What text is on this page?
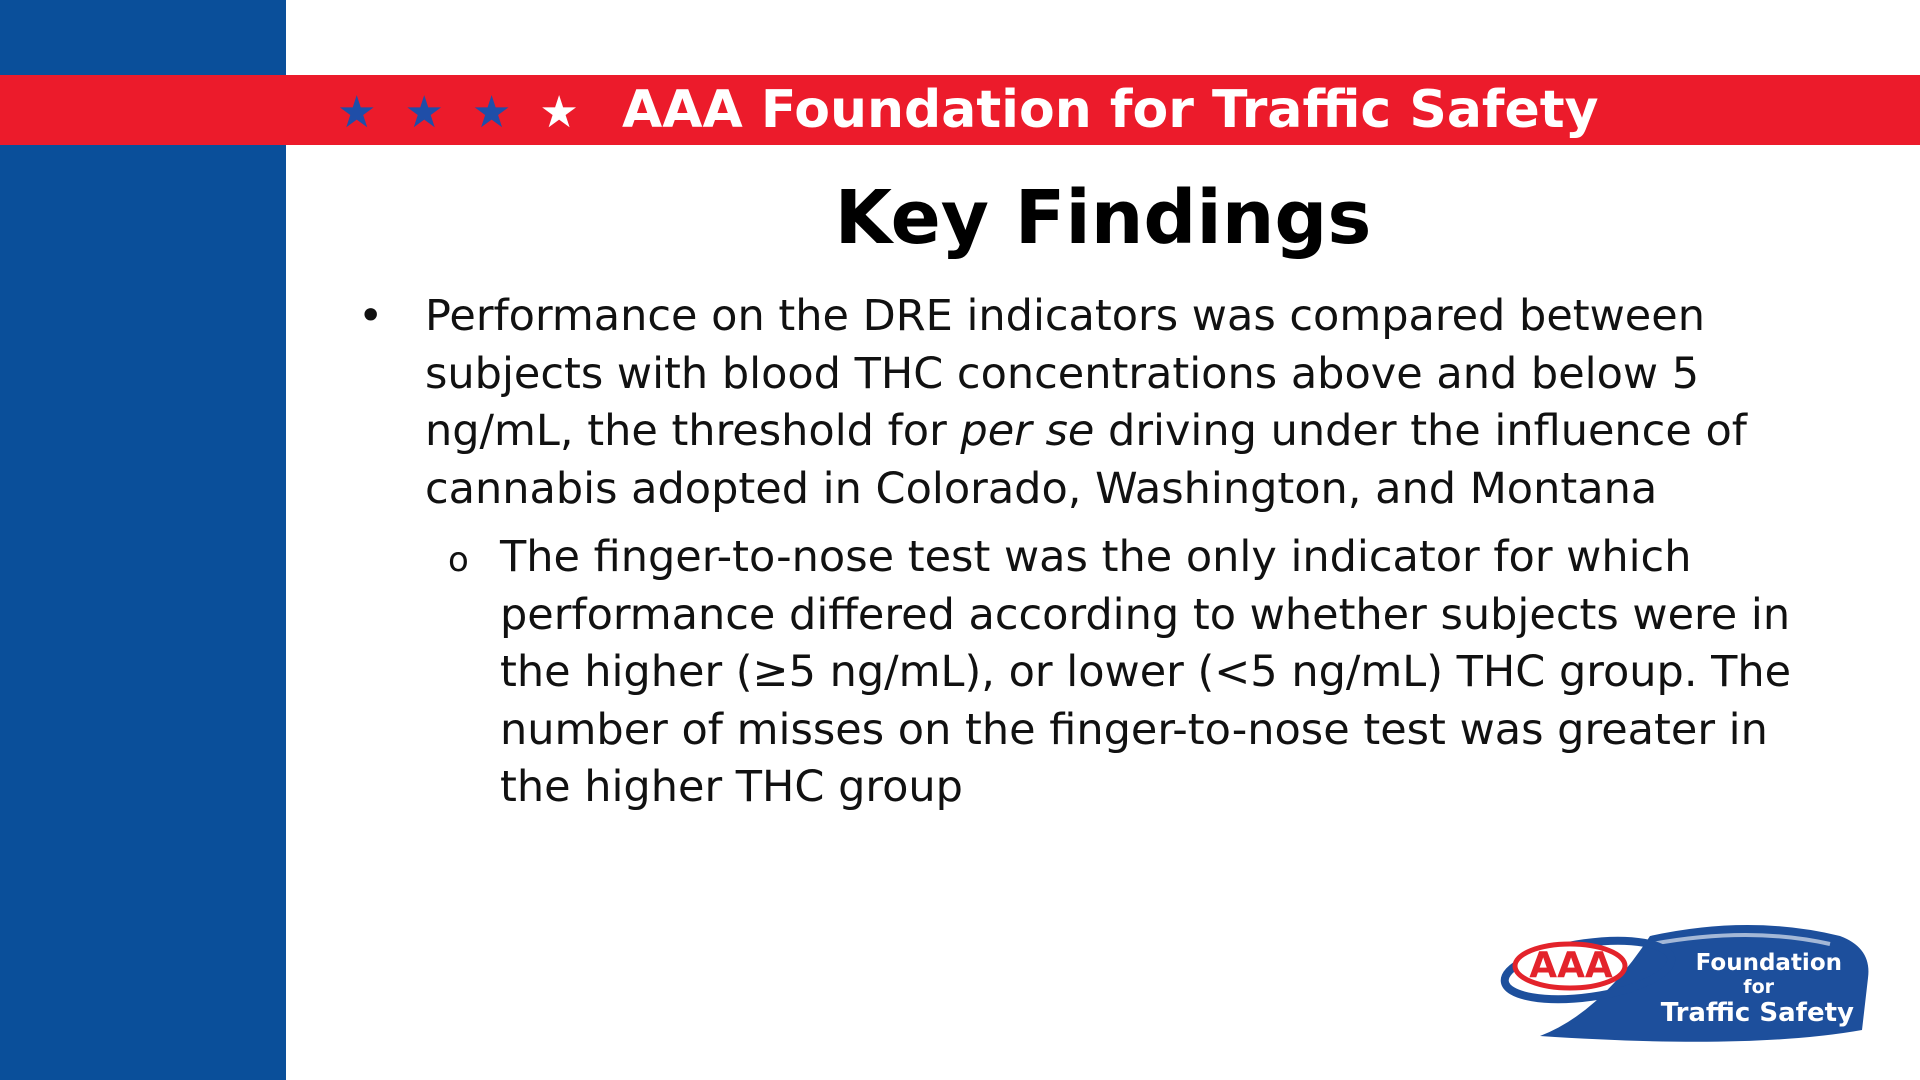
★ ★ ★ ★ AAA Foundation for Traffic Safety
Key Findings
• Performance on the DRE indicators was compared between subjects with blood THC concentrations above and below 5 ng/mL, the threshold for per se driving under the influence of cannabis adopted in Colorado, Washington, and Montana
o The finger-to-nose test was the only indicator for which performance differed according to whether subjects were in the higher (≥5 ng/mL), or lower (<5 ng/mL) THC group. The number of misses on the finger-to-nose test was greater in the higher THC group
AAA	Foundation
for
Traffic Safety
